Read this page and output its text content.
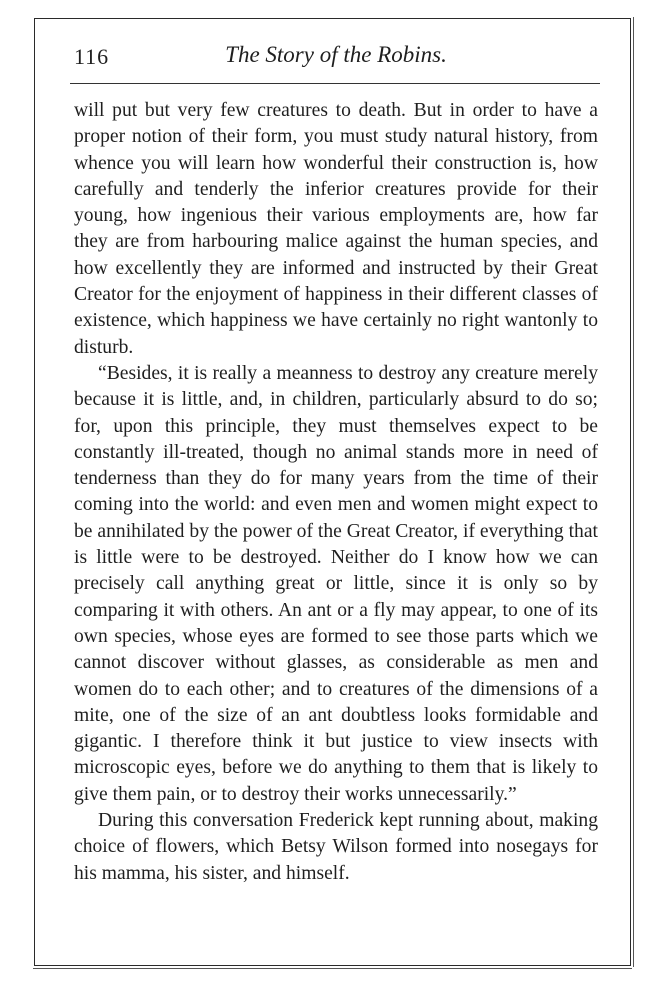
116	The Story of the Robins.

will put but very few creatures to death. But in order to have a proper notion of their form, you must study natural history, from whence you will learn how wonderful their construction is, how carefully and tenderly the inferior creatures provide for their young, how ingenious their various employments are, how far they are from harbouring malice against the human species, and how excellently they are informed and instructed by their Great Creator for the enjoyment of happiness in their different classes of existence, which happiness we have certainly no right wantonly to disturb.

“Besides, it is really a meanness to destroy any creature merely because it is little, and, in children, particularly absurd to do so; for, upon this principle, they must themselves expect to be constantly ill-treated, though no animal stands more in need of tenderness than they do for many years from the time of their coming into the world: and even men and women might expect to be annihilated by the power of the Great Creator, if everything that is little were to be destroyed. Neither do I know how we can precisely call anything great or little, since it is only so by comparing it with others. An ant or a fly may appear, to one of its own species, whose eyes are formed to see those parts which we cannot discover without glasses, as considerable as men and women do to each other; and to creatures of the dimensions of a mite, one of the size of an ant doubtless looks formidable and gigantic. I therefore think it but justice to view insects with microscopic eyes, before we do anything to them that is likely to give them pain, or to destroy their works unnecessarily.”

During this conversation Frederick kept running about, making choice of flowers, which Betsy Wilson formed into nosegays for his mamma, his sister, and himself.
